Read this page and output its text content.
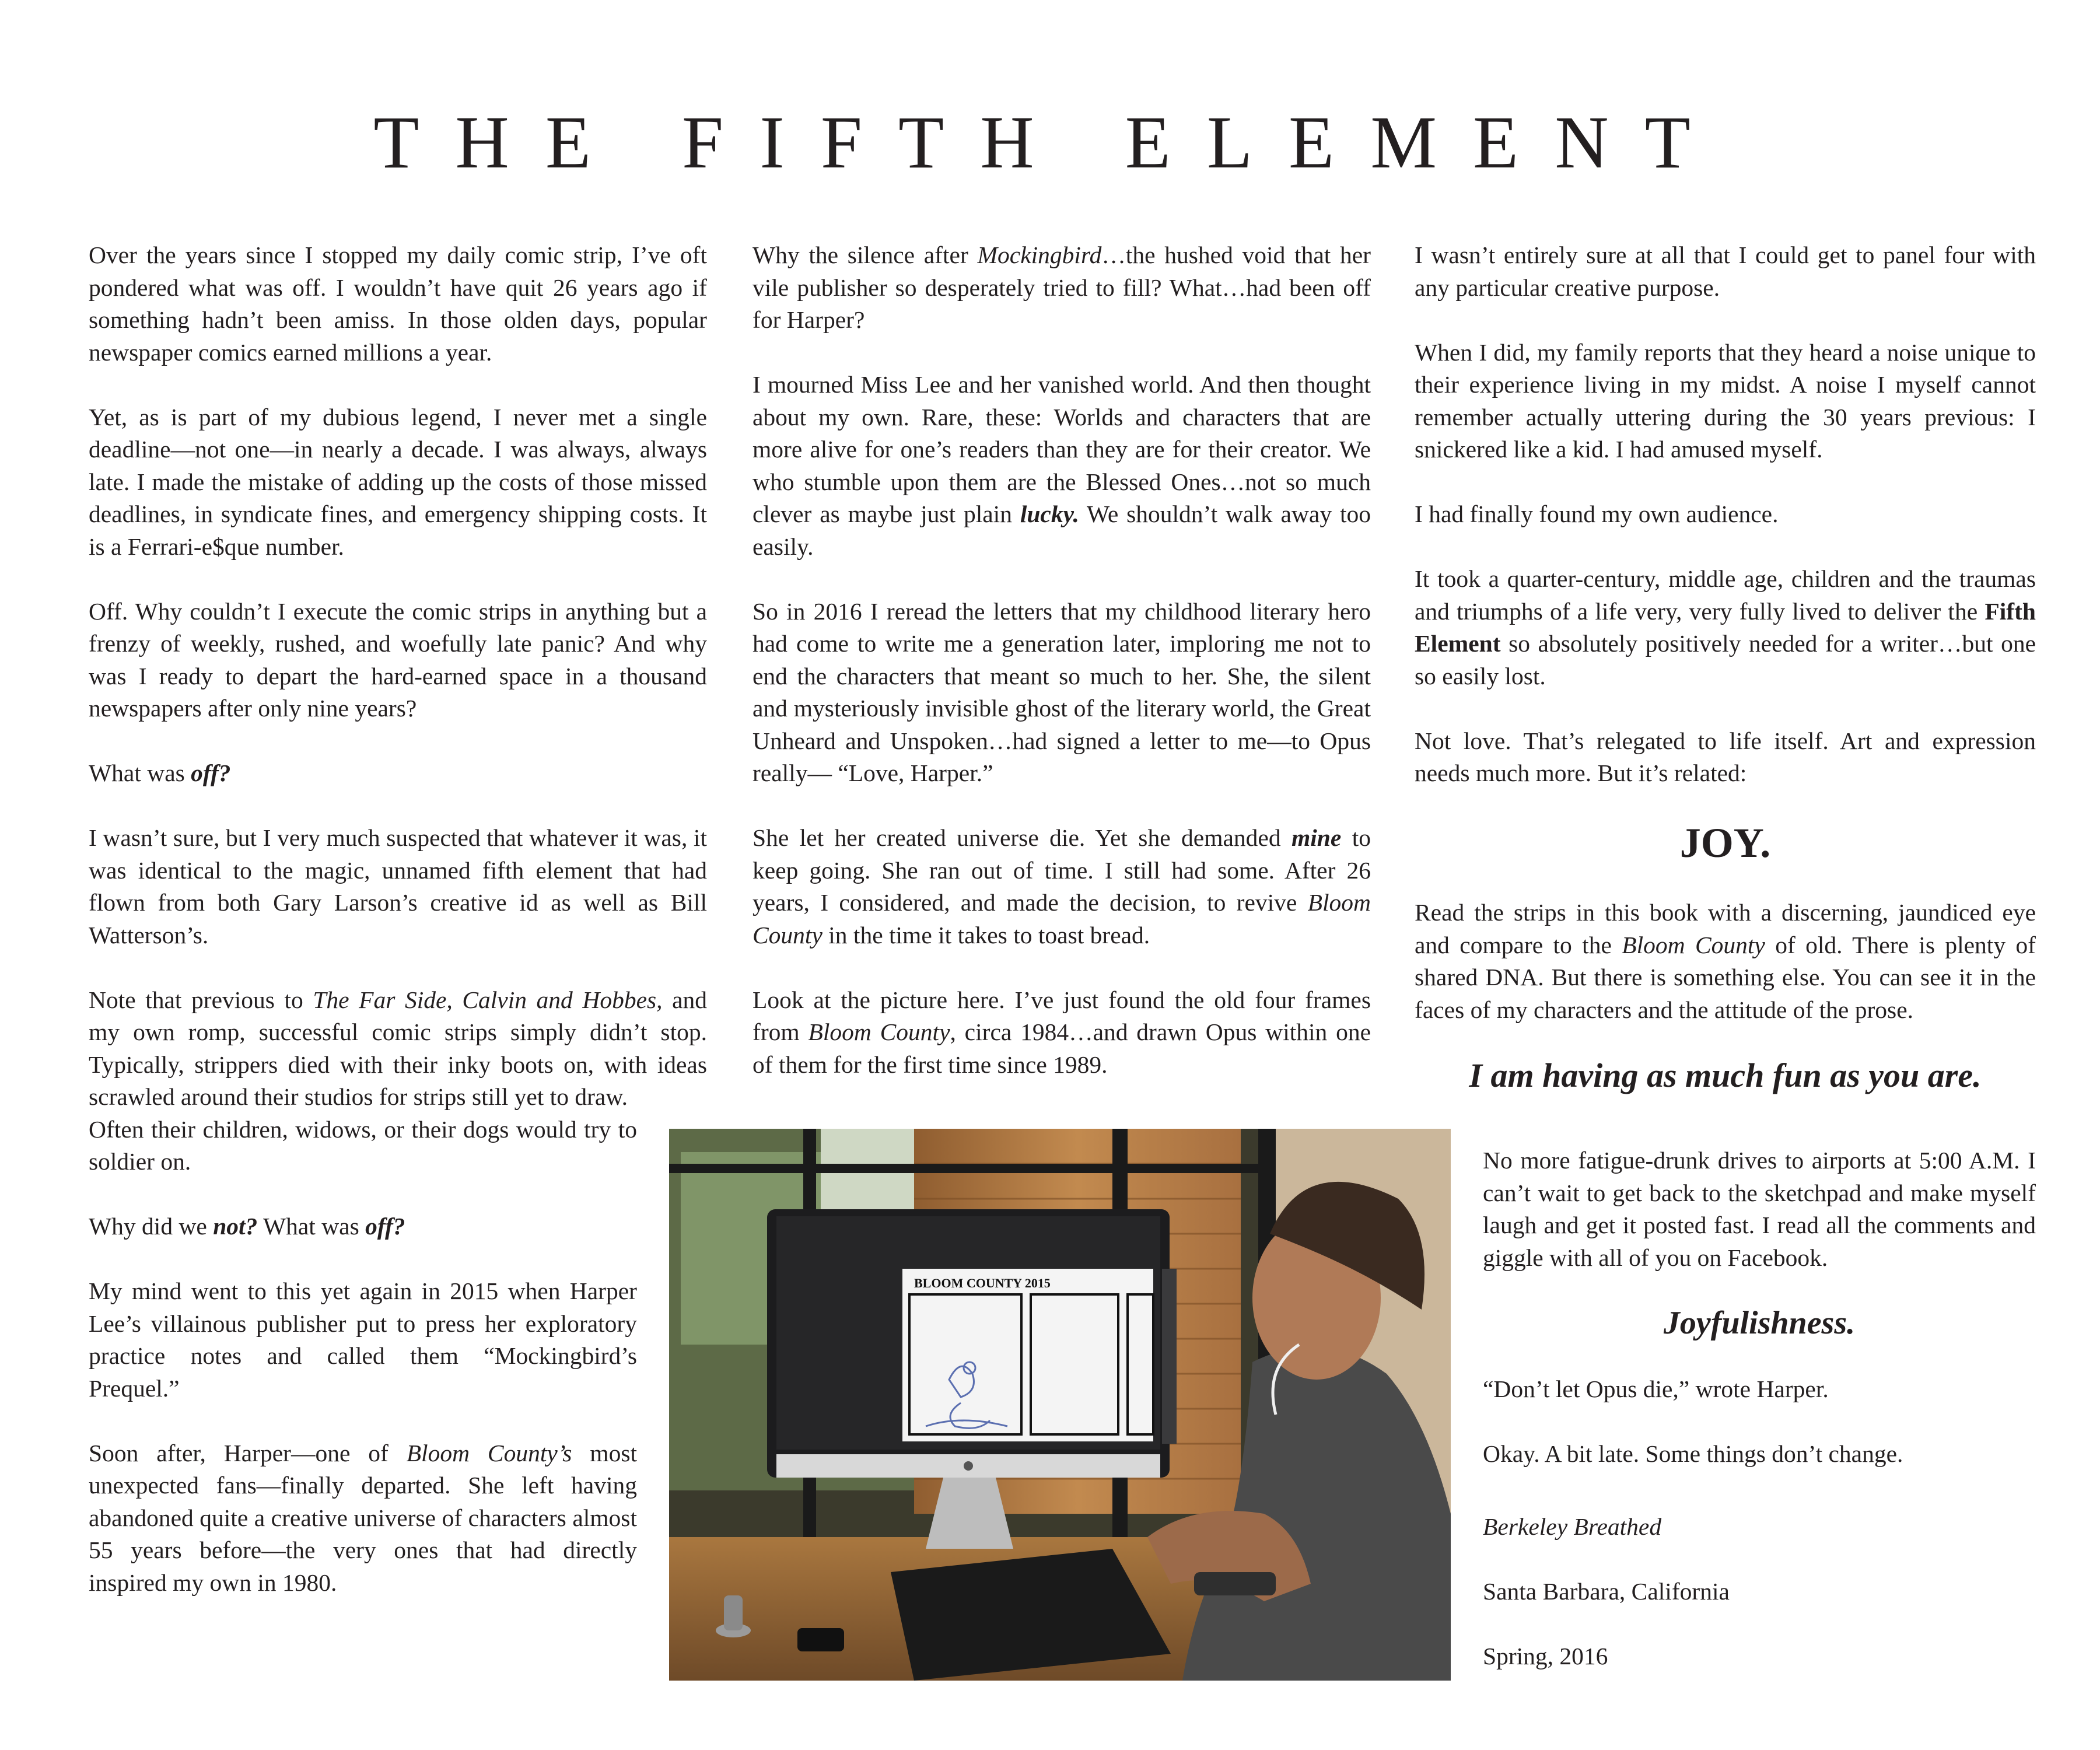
THE FIFTH ELEMENT

Over the years since I stopped my daily comic strip, I’ve oft pondered what was off. I wouldn’t have quit 26 years ago if something hadn’t been amiss. In those olden days, popular newspaper comics earned millions a year.

Yet, as is part of my dubious legend, I never met a single deadline—not one—in nearly a decade. I was always, always late. I made the mistake of adding up the costs of those missed deadlines, in syndicate fines, and emergency shipping costs. It is a Ferrari-e$que number.

Off. Why couldn’t I execute the comic strips in anything but a frenzy of weekly, rushed, and woefully late panic? And why was I ready to depart the hard-earned space in a thousand newspapers after only nine years?

What was off?

I wasn’t sure, but I very much suspected that whatever it was, it was identical to the magic, unnamed fifth element that had flown from both Gary Larson’s creative id as well as Bill Watterson’s.

Note that previous to The Far Side, Calvin and Hobbes, and my own romp, successful comic strips simply didn’t stop. Typically, strippers died with their inky boots on, with ideas scrawled around their studios for strips still yet to draw.

Often their children, widows, or their dogs would try to soldier on.

Why did we not? What was off?

My mind went to this yet again in 2015 when Harper Lee’s villainous publisher put to press her exploratory practice notes and called them “Mockingbird’s Prequel.”

Soon after, Harper—one of Bloom County’s most unexpected fans—finally departed. She left having abandoned quite a creative universe of characters almost 55 years before—the very ones that had directly inspired my own in 1980.

Why the silence after Mockingbird…the hushed void that her vile publisher so desperately tried to fill? What…had been off for Harper?

I mourned Miss Lee and her vanished world. And then thought about my own. Rare, these: Worlds and characters that are more alive for one’s readers than they are for their creator. We who stumble upon them are the Blessed Ones…not so much clever as maybe just plain lucky. We shouldn’t walk away too easily.

So in 2016 I reread the letters that my childhood literary hero had come to write me a generation later, imploring me not to end the characters that meant so much to her. She, the silent and mysteriously invisible ghost of the literary world, the Great Unheard and Unspoken…had signed a letter to me—to Opus really— “Love, Harper.”

She let her created universe die. Yet she demanded mine to keep going. She ran out of time. I still had some. After 26 years, I considered, and made the decision, to revive Bloom County in the time it takes to toast bread.

Look at the picture here. I’ve just found the old four frames from Bloom County, circa 1984…and drawn Opus within one of them for the first time since 1989.

I wasn’t entirely sure at all that I could get to panel four with any particular creative purpose.

When I did, my family reports that they heard a noise unique to their experience living in my midst. A noise I myself cannot remember actually uttering during the 30 years previous: I snickered like a kid. I had amused myself.

I had finally found my own audience.

It took a quarter-century, middle age, children and the traumas and triumphs of a life very, very fully lived to deliver the Fifth Element so absolutely positively needed for a writer…but one so easily lost.

Not love. That’s relegated to life itself. Art and expression needs much more. But it’s related:

JOY.

Read the strips in this book with a discerning, jaundiced eye and compare to the Bloom County of old. There is plenty of shared DNA. But there is something else. You can see it in the faces of my characters and the attitude of the prose.

I am having as much fun as you are.

No more fatigue-drunk drives to airports at 5:00 A.M. I can’t wait to get back to the sketchpad and make myself laugh and get it posted fast. I read all the comments and giggle with all of you on Facebook.

Joyfulishness.

“Don’t let Opus die,” wrote Harper.

Okay. A bit late. Some things don’t change.

Berkeley Breathed

Santa Barbara, California

Spring, 2016

BLOOM COUNTY 2015
